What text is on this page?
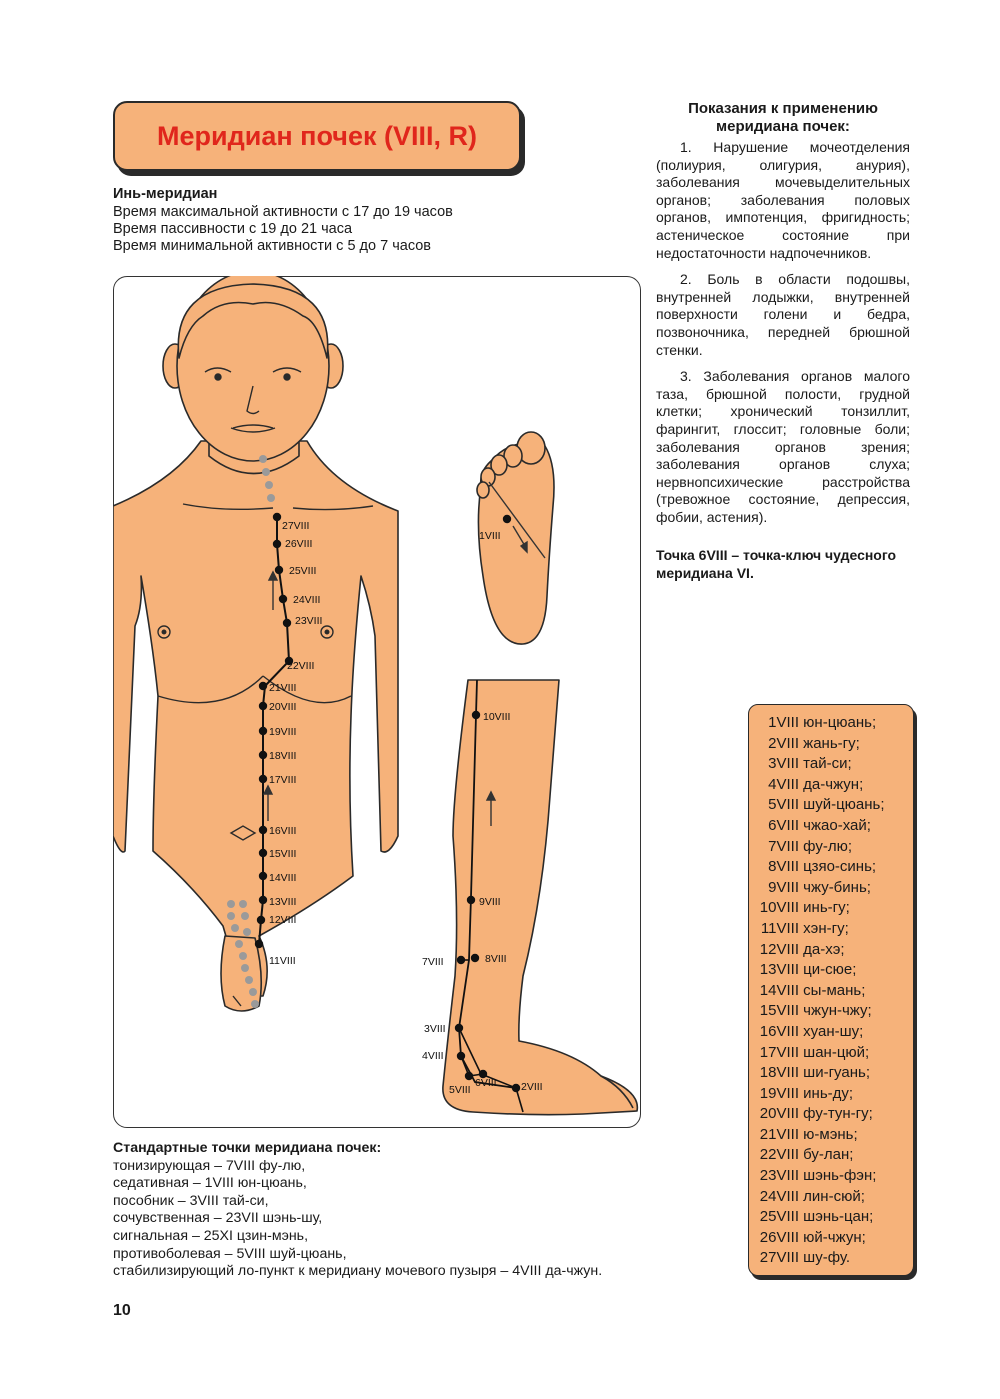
Меридиан почек (VIII, R)
Инь-меридиан
Время максимальной активности с 17 до 19 часов
Время пассивности с 19 до 21 часа
Время минимальной активности с 5 до 7 часов
Показания к применению меридиана почек:

1. Нарушение мочеотделения (полиурия, олигурия, анурия), заболевания мочевыделительных органов; заболевания половых органов, импотенция, фригидность; астеническое состояние при недостаточности надпочечников.

2. Боль в области подошвы, внутренней лодыжки, внутренней поверхности голени и бедра, позвоночника, передней брюшной стенки.

3. Заболевания органов малого таза, брюшной полости, грудной клетки; хронический тонзиллит, фарингит, глоссит; головные боли; заболевания органов зрения; заболевания органов слуха; нервнопсихические расстройства (тревожное состояние, депрессия, фобии, астения).

Точка 6VIII – точка-ключ чудесного меридиана VI.
27VIII
26VIII
25VIII
24VIII
23VIII
22VIII
21VIII
20VIII
19VIII
18VIII
17VIII
16VIII
15VIII
14VIII
13VIII
12VIII
11VIII
1VIII
10VIII
9VIII
8VIII
7VIII
3VIII
4VIII
5VIII
6VIII 2VIII
1VIII юн-цюань;
2VIII жань-гу;
3VIII тай-си;
4VIII да-чжун;
5VIII шуй-цюань;
6VIII чжао-хай;
7VIII фу-лю;
8VIII цзяо-синь;
9VIII чжу-бинь;
10VIII инь-гу;
11VIII хэн-гу;
12VIII да-хэ;
13VIII ци-сюе;
14VIII сы-мань;
15VIII чжун-чжу;
16VIII хуан-шу;
17VIII шан-цюй;
18VIII ши-гуань;
19VIII инь-ду;
20VIII фу-тун-гу;
21VIII ю-мэнь;
22VIII бу-лан;
23VIII шэнь-фэн;
24VIII лин-сюй;
25VIII шэнь-цан;
26VIII юй-чжун;
27VIII шу-фу.
Стандартные точки меридиана почек:
тонизирующая – 7VIII фу-лю,
седативная – 1VIII юн-цюань,
пособник – 3VIII тай-си,
сочувственная – 23VII шэнь-шу,
сигнальная – 25XI цзин-мэнь,
противоболевая – 5VIII шуй-цюань,
стабилизирующий ло-пункт к меридиану мочевого пузыря – 4VIII да-чжун.
10
